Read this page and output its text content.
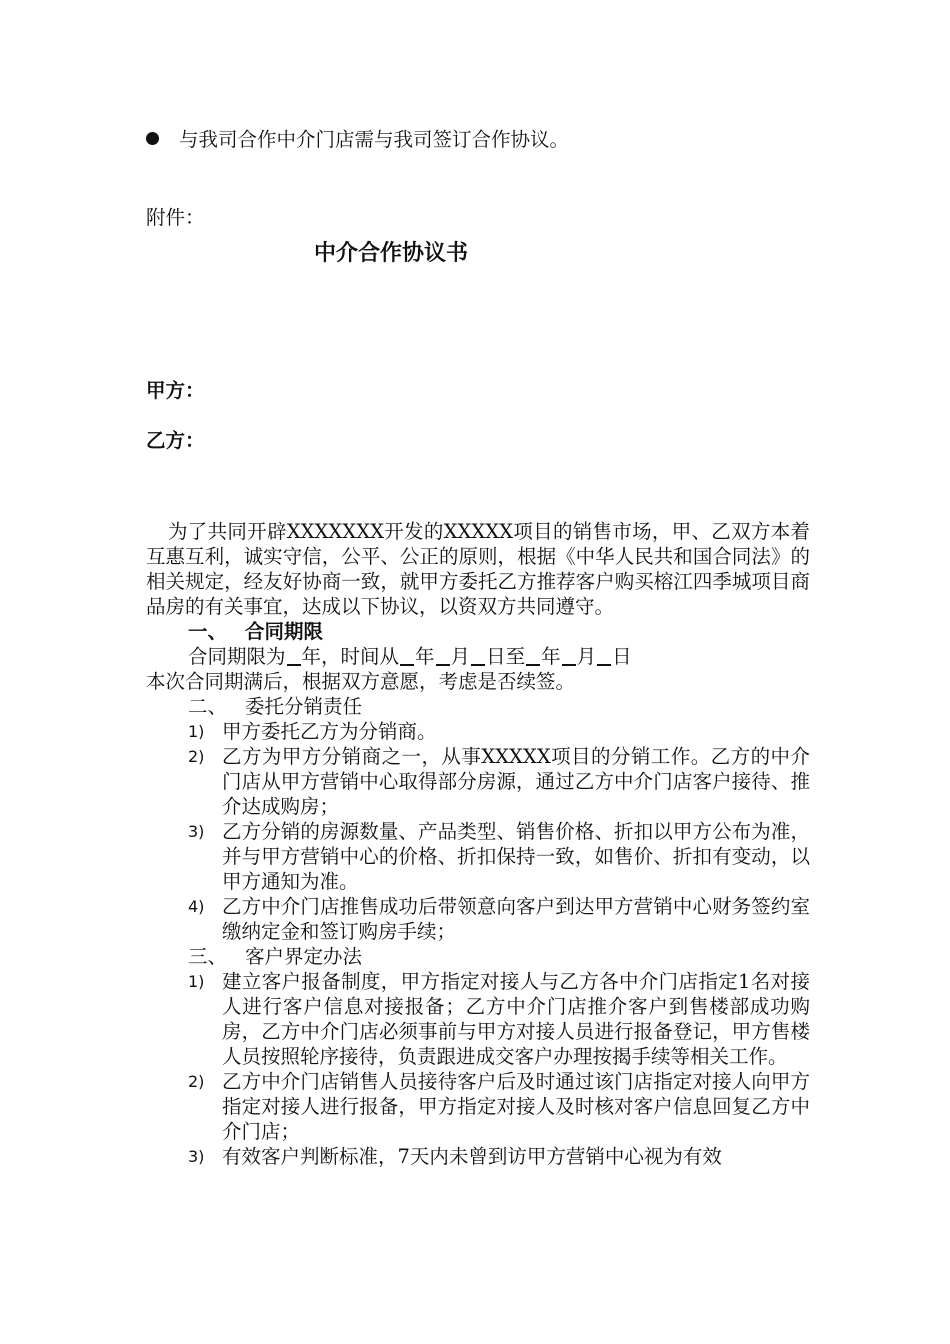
与我司合作中介门店需与我司签订合作协议。
附件：
中介合作协议书
甲方：
乙方：

为了共同开辟XXXXXXX开发的XXXXX项目的销售市场，甲、乙双方本着互惠互利，诚实守信，公平、公正的原则，根据《中华人民共和国合同法》的相关规定，经友好协商一致，就甲方委托乙方推荐客户购买榕江四季城项目商品房的有关事宜，达成以下协议，以资双方共同遵守。

一、 合同期限
合同期限为 年，时间从 年 月 日至 年 月 日
本次合同期满后，根据双方意愿，考虑是否续签。
二、 委托分销责任
1) 甲方委托乙方为分销商。
2) 乙方为甲方分销商之一，从事XXXXX项目的分销工作。乙方的中介门店从甲方营销中心取得部分房源，通过乙方中介门店客户接待、推介达成购房；
3) 乙方分销的房源数量、产品类型、销售价格、折扣以甲方公布为准，并与甲方营销中心的价格、折扣保持一致，如售价、折扣有变动，以甲方通知为准。
4) 乙方中介门店推售成功后带领意向客户到达甲方营销中心财务签约室缴纳定金和签订购房手续；
三、 客户界定办法
1) 建立客户报备制度，甲方指定对接人与乙方各中介门店指定1名对接人进行客户信息对接报备；乙方中介门店推介客户到售楼部成功购房，乙方中介门店必须事前与甲方对接人员进行报备登记，甲方售楼人员按照轮序接待，负责跟进成交客户办理按揭手续等相关工作。
2) 乙方中介门店销售人员接待客户后及时通过该门店指定对接人向甲方指定对接人进行报备，甲方指定对接人及时核对客户信息回复乙方中介门店；
3) 有效客户判断标准，7天内未曾到访甲方营销中心视为有效
